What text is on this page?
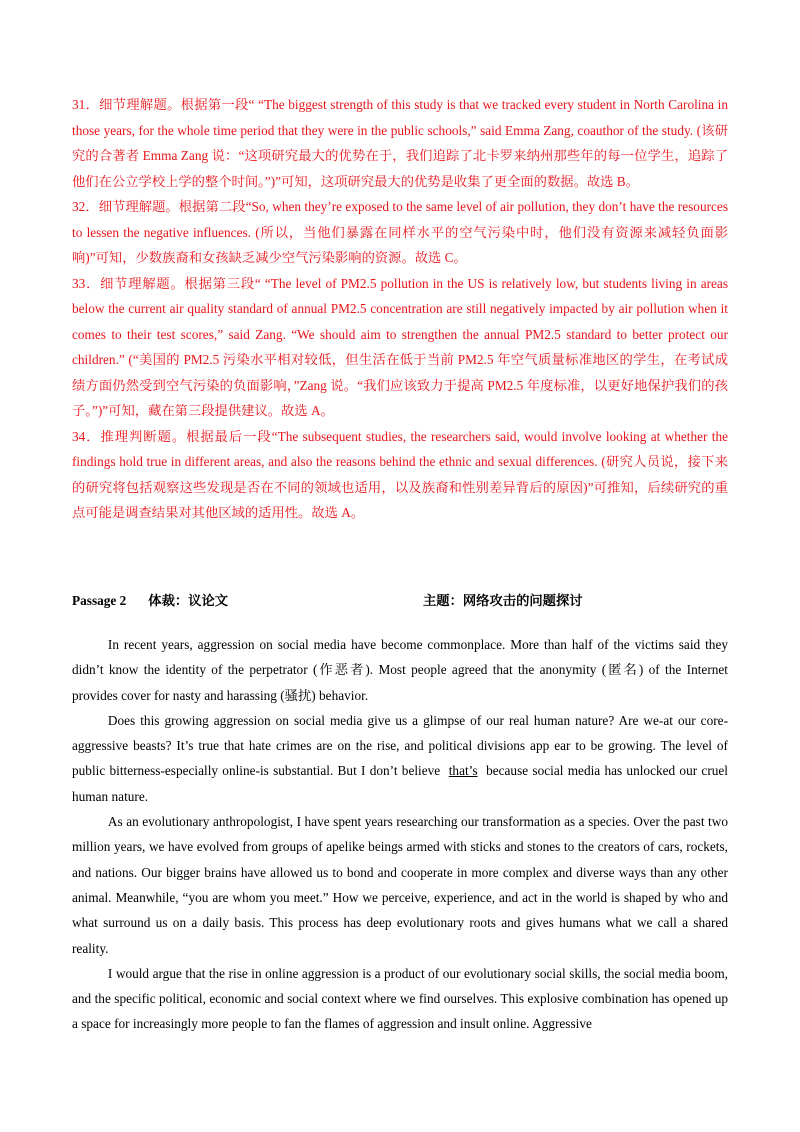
31．细节理解题。根据第一段“ “The biggest strength of this study is that we tracked every student in North Carolina in those years, for the whole time period that they were in the public schools,” said Emma Zang, coauthor of the study. (该研究的合著者 Emma Zang 说：“这项研究最大的优势在于，我们追踪了北卡罗来纳州那些年的每一位学生，追踪了他们在公立学校上学的整个时间。”)”可知，这项研究最大的优势是收集了更全面的数据。故选 B。

32．细节理解题。根据第二段“So, when they’re exposed to the same level of air pollution, they don’t have the resources to lessen the negative influences. (所以，当他们暴露在同样水平的空气污染中时，他们没有资源来减轻负面影响)”可知，少数族裔和女孩缺乏减少空气污染影响的资源。故选 C。

33．细节理解题。根据第三段“ “The level of PM2.5 pollution in the US is relatively low, but students living in areas below the current air quality standard of annual PM2.5 concentration are still negatively impacted by air pollution when it comes to their test scores,” said Zang. “We should aim to strengthen the annual PM2.5 standard to better protect our children.” (“美国的 PM2.5 污染水平相对较低，但生活在低于当前 PM2.5 年空气质量标准地区的学生，在考试成绩方面仍然受到空气污染的负面影响，”Zang 说。“我们应该致力于提高 PM2.5 年度标准，以更好地保护我们的孩子。”)”可知，藏在第三段提供建议。故选 A。

34．推理判断题。根据最后一段“The subsequent studies, the researchers said, would involve looking at whether the findings hold true in different areas, and also the reasons behind the ethnic and sexual differences. (研究人员说，接下来的研究将包括观察这些发现是否在不同的领域也适用，以及族裔和性别差异背后的原因)”可推知，后续研究的重点可能是调查结果对其他区域的适用性。故选 A。

Passage 2 体裁：议论文	主题：网络攻击的问题探讨

In recent years, aggression on social media have become commonplace. More than half of the victims said they didn’t know the identity of the perpetrator (作恶者). Most people agreed that the anonymity (匿名) of the Internet provides cover for nasty and harassing (骚扰) behavior.

Does this growing aggression on social media give us a glimpse of our real human nature? Are we-at our core-aggressive beasts? It’s true that hate crimes are on the rise, and political divisions app ear to be growing. The level of public bitterness-especially online-is substantial. But I don’t believe that’s because social media has unlocked our cruel human nature.

As an evolutionary anthropologist, I have spent years researching our transformation as a species. Over the past two million years, we have evolved from groups of apelike beings armed with sticks and stones to the creators of cars, rockets, and nations. Our bigger brains have allowed us to bond and cooperate in more complex and diverse ways than any other animal. Meanwhile, “you are whom you meet.” How we perceive, experience, and act in the world is shaped by who and what surround us on a daily basis. This process has deep evolutionary roots and gives humans what we call a shared reality.

I would argue that the rise in online aggression is a product of our evolutionary social skills, the social media boom, and the specific political, economic and social context where we find ourselves. This explosive combination has opened up a space for increasingly more people to fan the flames of aggression and insult online. Aggressive
